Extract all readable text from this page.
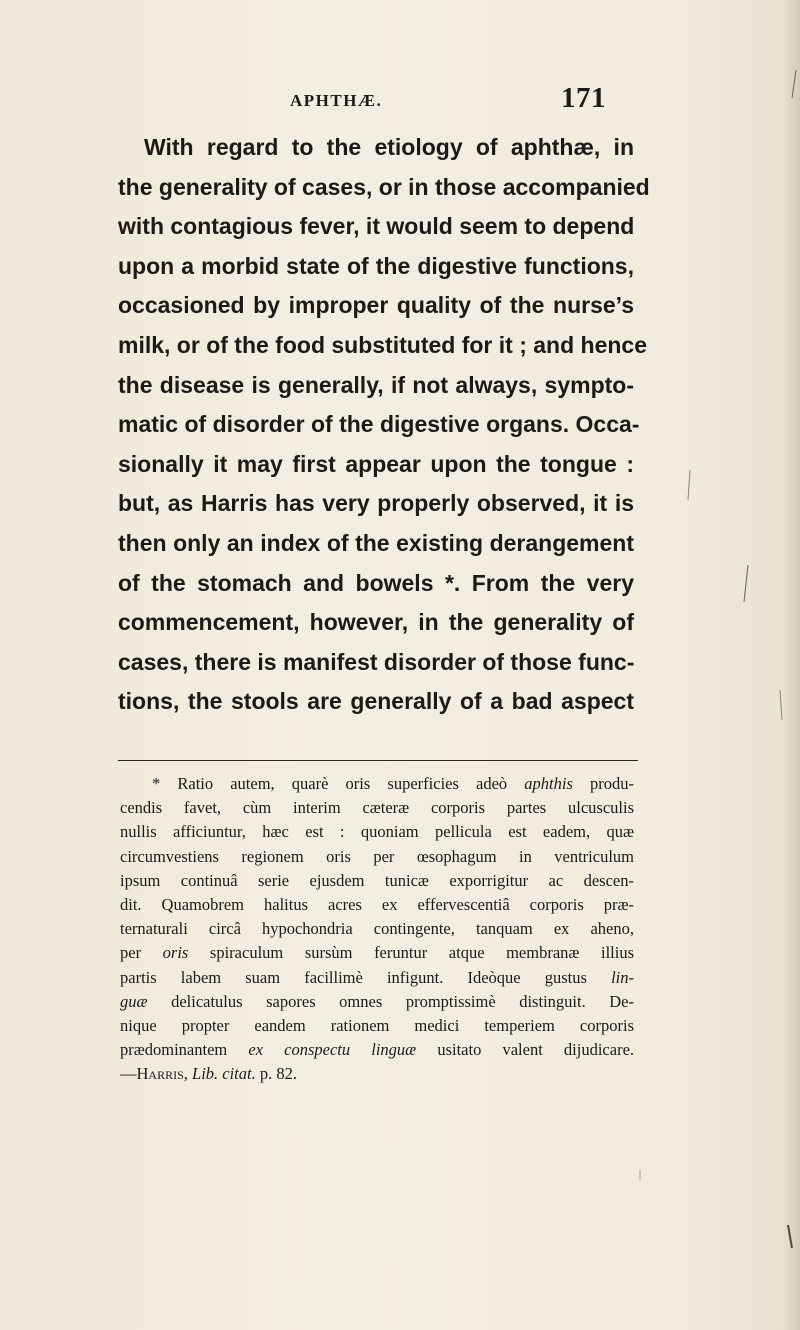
APHTHÆ.	171
With regard to the etiology of aphthæ, in
the generality of cases, or in those accompanied
with contagious fever, it would seem to depend
upon a morbid state of the digestive functions,
occasioned by improper quality of the nurse’s
milk, or of the food substituted for it ; and hence
the disease is generally, if not always, sympto-
matic of disorder of the digestive organs. Occa-
sionally it may first appear upon the tongue :
but, as Harris has very properly observed, it is
then only an index of the existing derangement
of the stomach and bowels *. From the very
commencement, however, in the generality of
cases, there is manifest disorder of those func-
tions, the stools are generally of a bad aspect
* Ratio autem, quarè oris superficies adeò aphthis produ-
cendis favet, cùm interim cæteræ corporis partes ulcusculis
nullis afficiuntur, hæc est : quoniam pellicula est eadem, quæ
circumvestiens regionem oris per œsophagum in ventriculum
ipsum continuâ serie ejusdem tunicæ exporrigitur ac descen-
dit. Quamobrem halitus acres ex effervescentiâ corporis præ-
ternaturali circâ hypochondria contingente, tanquam ex aheno,
per oris spiraculum sursùm feruntur atque membranæ illius
partis labem suam facillimè infigunt. Ideòque gustus lin-
guæ delicatulus sapores omnes promptissimè distinguit. De-
nique propter eandem rationem medici temperiem corporis
prædominantem ex conspectu linguæ usitato valent dijudicare.
—Harris, Lib. citat. p. 82.
